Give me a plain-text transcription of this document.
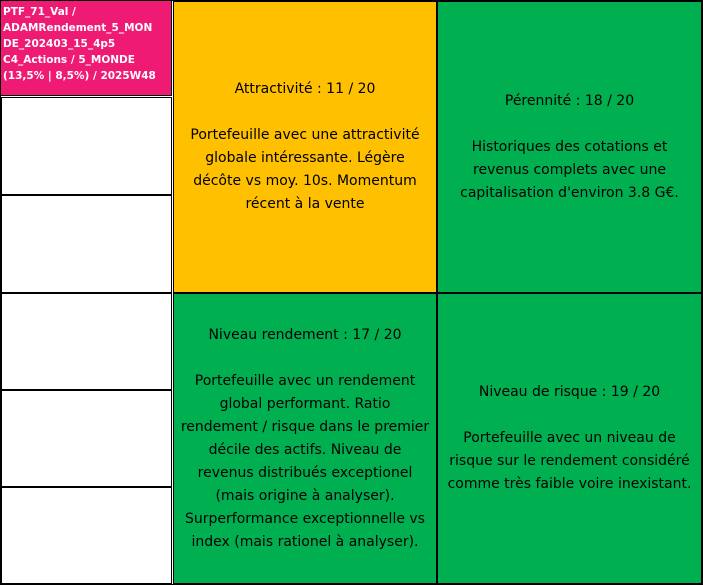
PTF_71_Val /
ADAMRendement_5_MON
DE_202403_15_4p5
C4_Actions / 5_MONDE
(13,5% | 8,5%) / 2025W48
Attractivité : 11 / 20
Portefeuille avec une attractivité globale intéressante. Légère décôte vs moy. 10s. Momentum récent à la vente
Pérennité : 18 / 20
Historiques des cotations et revenus complets avec une capitalisation d'environ 3.8 G€.
Niveau rendement : 17 / 20
Portefeuille avec un rendement global performant. Ratio rendement / risque dans le premier décile des actifs. Niveau de revenus distribués exceptionel (mais origine à analyser). Surperformance exceptionnelle vs index (mais rationel à analyser).
Niveau de risque : 19 / 20
Portefeuille avec un niveau de risque sur le rendement considéré comme très faible voire inexistant.
